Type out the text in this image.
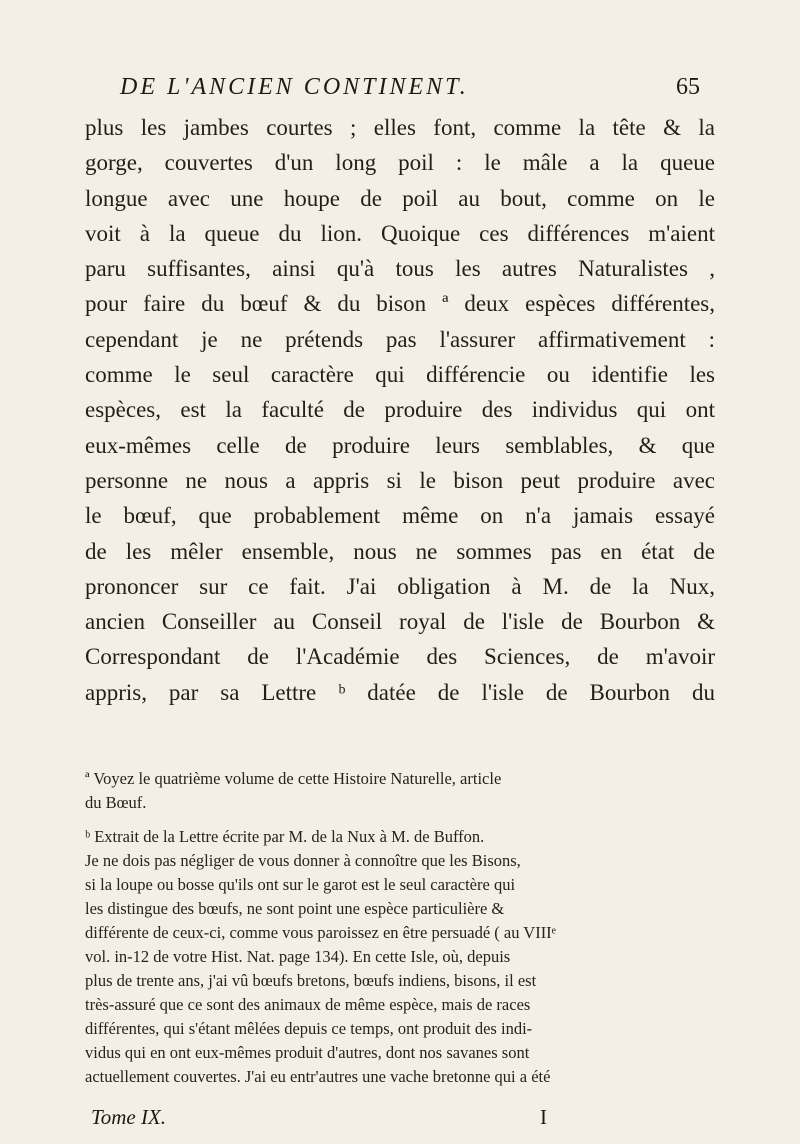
DE L'ANCIEN CONTINENT.	65
plus les jambes courtes ; elles font, comme la tête & la
gorge, couvertes d'un long poil : le mâle a la queue
longue avec une houpe de poil au bout, comme on le
voit à la queue du lion. Quoique ces différences m'aient
paru suffisantes, ainsi qu'à tous les autres Naturalistes ,
pour faire du bœuf & du bison ª deux espèces différentes,
cependant je ne prétends pas l'assurer affirmativement :
comme le seul caractère qui différencie ou identifie les
espèces, est la faculté de produire des individus qui ont
eux-mêmes celle de produire leurs semblables, & que
personne ne nous a appris si le bison peut produire avec
le bœuf, que probablement même on n'a jamais essayé
de les mêler ensemble, nous ne sommes pas en état de
prononcer sur ce fait. J'ai obligation à M. de la Nux,
ancien Conseiller au Conseil royal de l'isle de Bourbon &
Correspondant de l'Académie des Sciences, de m'avoir
appris, par sa Lettre ᵇ datée de l'isle de Bourbon du
ª Voyez le quatrième volume de cette Histoire Naturelle, article
du Bœuf.
ᵇ Extrait de la Lettre écrite par M. de la Nux à M. de Buffon.
Je ne dois pas négliger de vous donner à connoître que les Bisons,
si la loupe ou bosse qu'ils ont sur le garot est le seul caractère qui
les distingue des bœufs, ne sont point une espèce particulière &
différente de ceux-ci, comme vous paroissez en être persuadé ( au VIIIᵉ
vol. in-12 de votre Hist. Nat. page 134). En cette Isle, où, depuis
plus de trente ans, j'ai vû bœufs bretons, bœufs indiens, bisons, il est
très-assuré que ce sont des animaux de même espèce, mais de races
différentes, qui s'étant mêlées depuis ce temps, ont produit des indi-
vidus qui en ont eux-mêmes produit d'autres, dont nos savanes sont
actuellement couvertes. J'ai eu entr'autres une vache bretonne qui a été
Tome IX.	I
